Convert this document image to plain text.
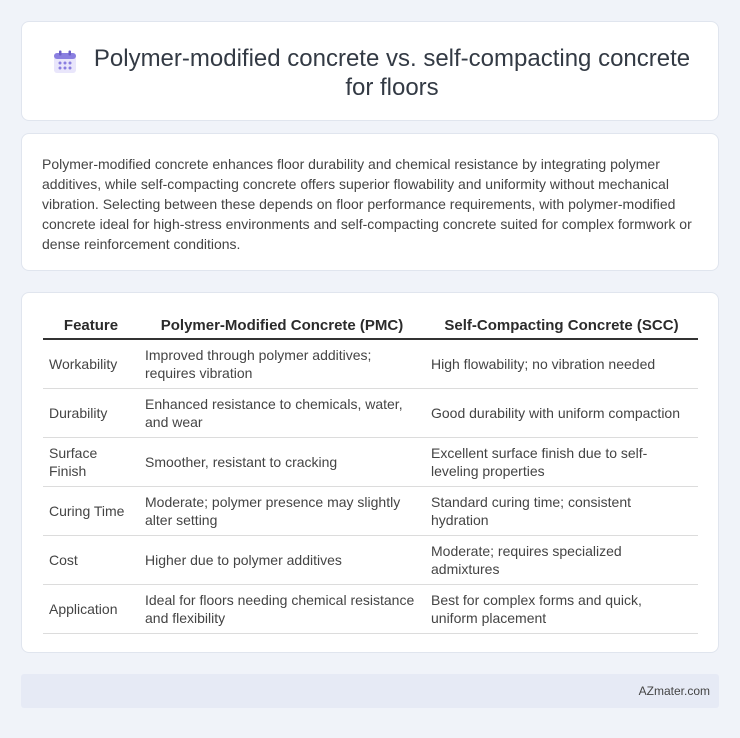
Polymer-modified concrete vs. self-compacting concrete for floors

Polymer-modified concrete enhances floor durability and chemical resistance by integrating polymer additives, while self-compacting concrete offers superior flowability and uniformity without mechanical vibration. Selecting between these depends on floor performance requirements, with polymer-modified concrete ideal for high-stress environments and self-compacting concrete suited for complex formwork or dense reinforcement conditions.

Feature	Polymer-Modified Concrete (PMC)	Self-Compacting Concrete (SCC)
Workability	Improved through polymer additives; requires vibration	High flowability; no vibration needed
Durability	Enhanced resistance to chemicals, water, and wear	Good durability with uniform compaction
Surface Finish	Smoother, resistant to cracking	Excellent surface finish due to self-leveling properties
Curing Time	Moderate; polymer presence may slightly alter setting	Standard curing time; consistent hydration
Cost	Higher due to polymer additives	Moderate; requires specialized admixtures
Application	Ideal for floors needing chemical resistance and flexibility	Best for complex forms and quick, uniform placement
AZmater.com
